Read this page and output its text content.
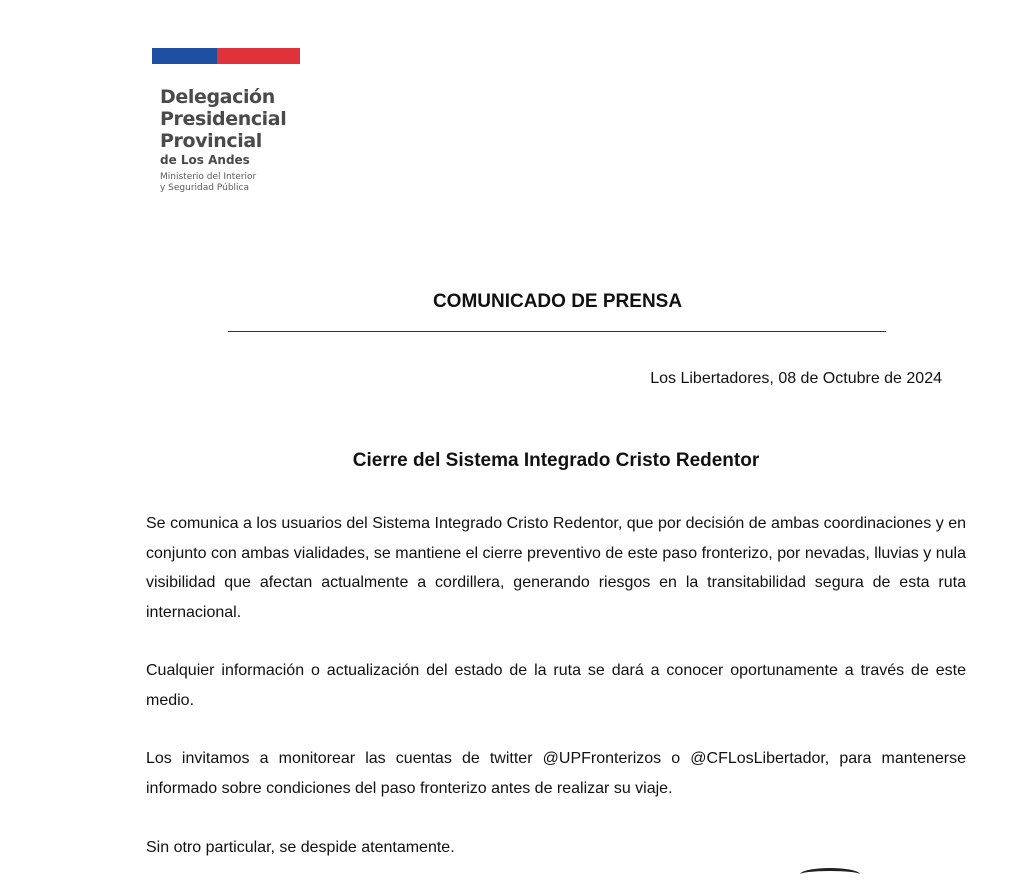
Delegación
Presidencial
Provincial
de Los Andes
Ministerio del Interior
y Seguridad Pública
COMUNICADO DE PRENSA
Los Libertadores, 08 de Octubre de 2024
Cierre del Sistema Integrado Cristo Redentor

Se comunica a los usuarios del Sistema Integrado Cristo Redentor, que por decisión de ambas coordinaciones y en conjunto con ambas vialidades, se mantiene el cierre preventivo de este paso fronterizo, por nevadas, lluvias y nula visibilidad que afectan actualmente a cordillera, generando riesgos en la transitabilidad segura de esta ruta internacional.

Cualquier información o actualización del estado de la ruta se dará a conocer oportunamente a través de este medio.

Los invitamos a monitorear las cuentas de twitter @UPFronterizos o @CFLosLibertador, para mantenerse informado sobre condiciones del paso fronterizo antes de realizar su viaje.

Sin otro particular, se despide atentamente.
